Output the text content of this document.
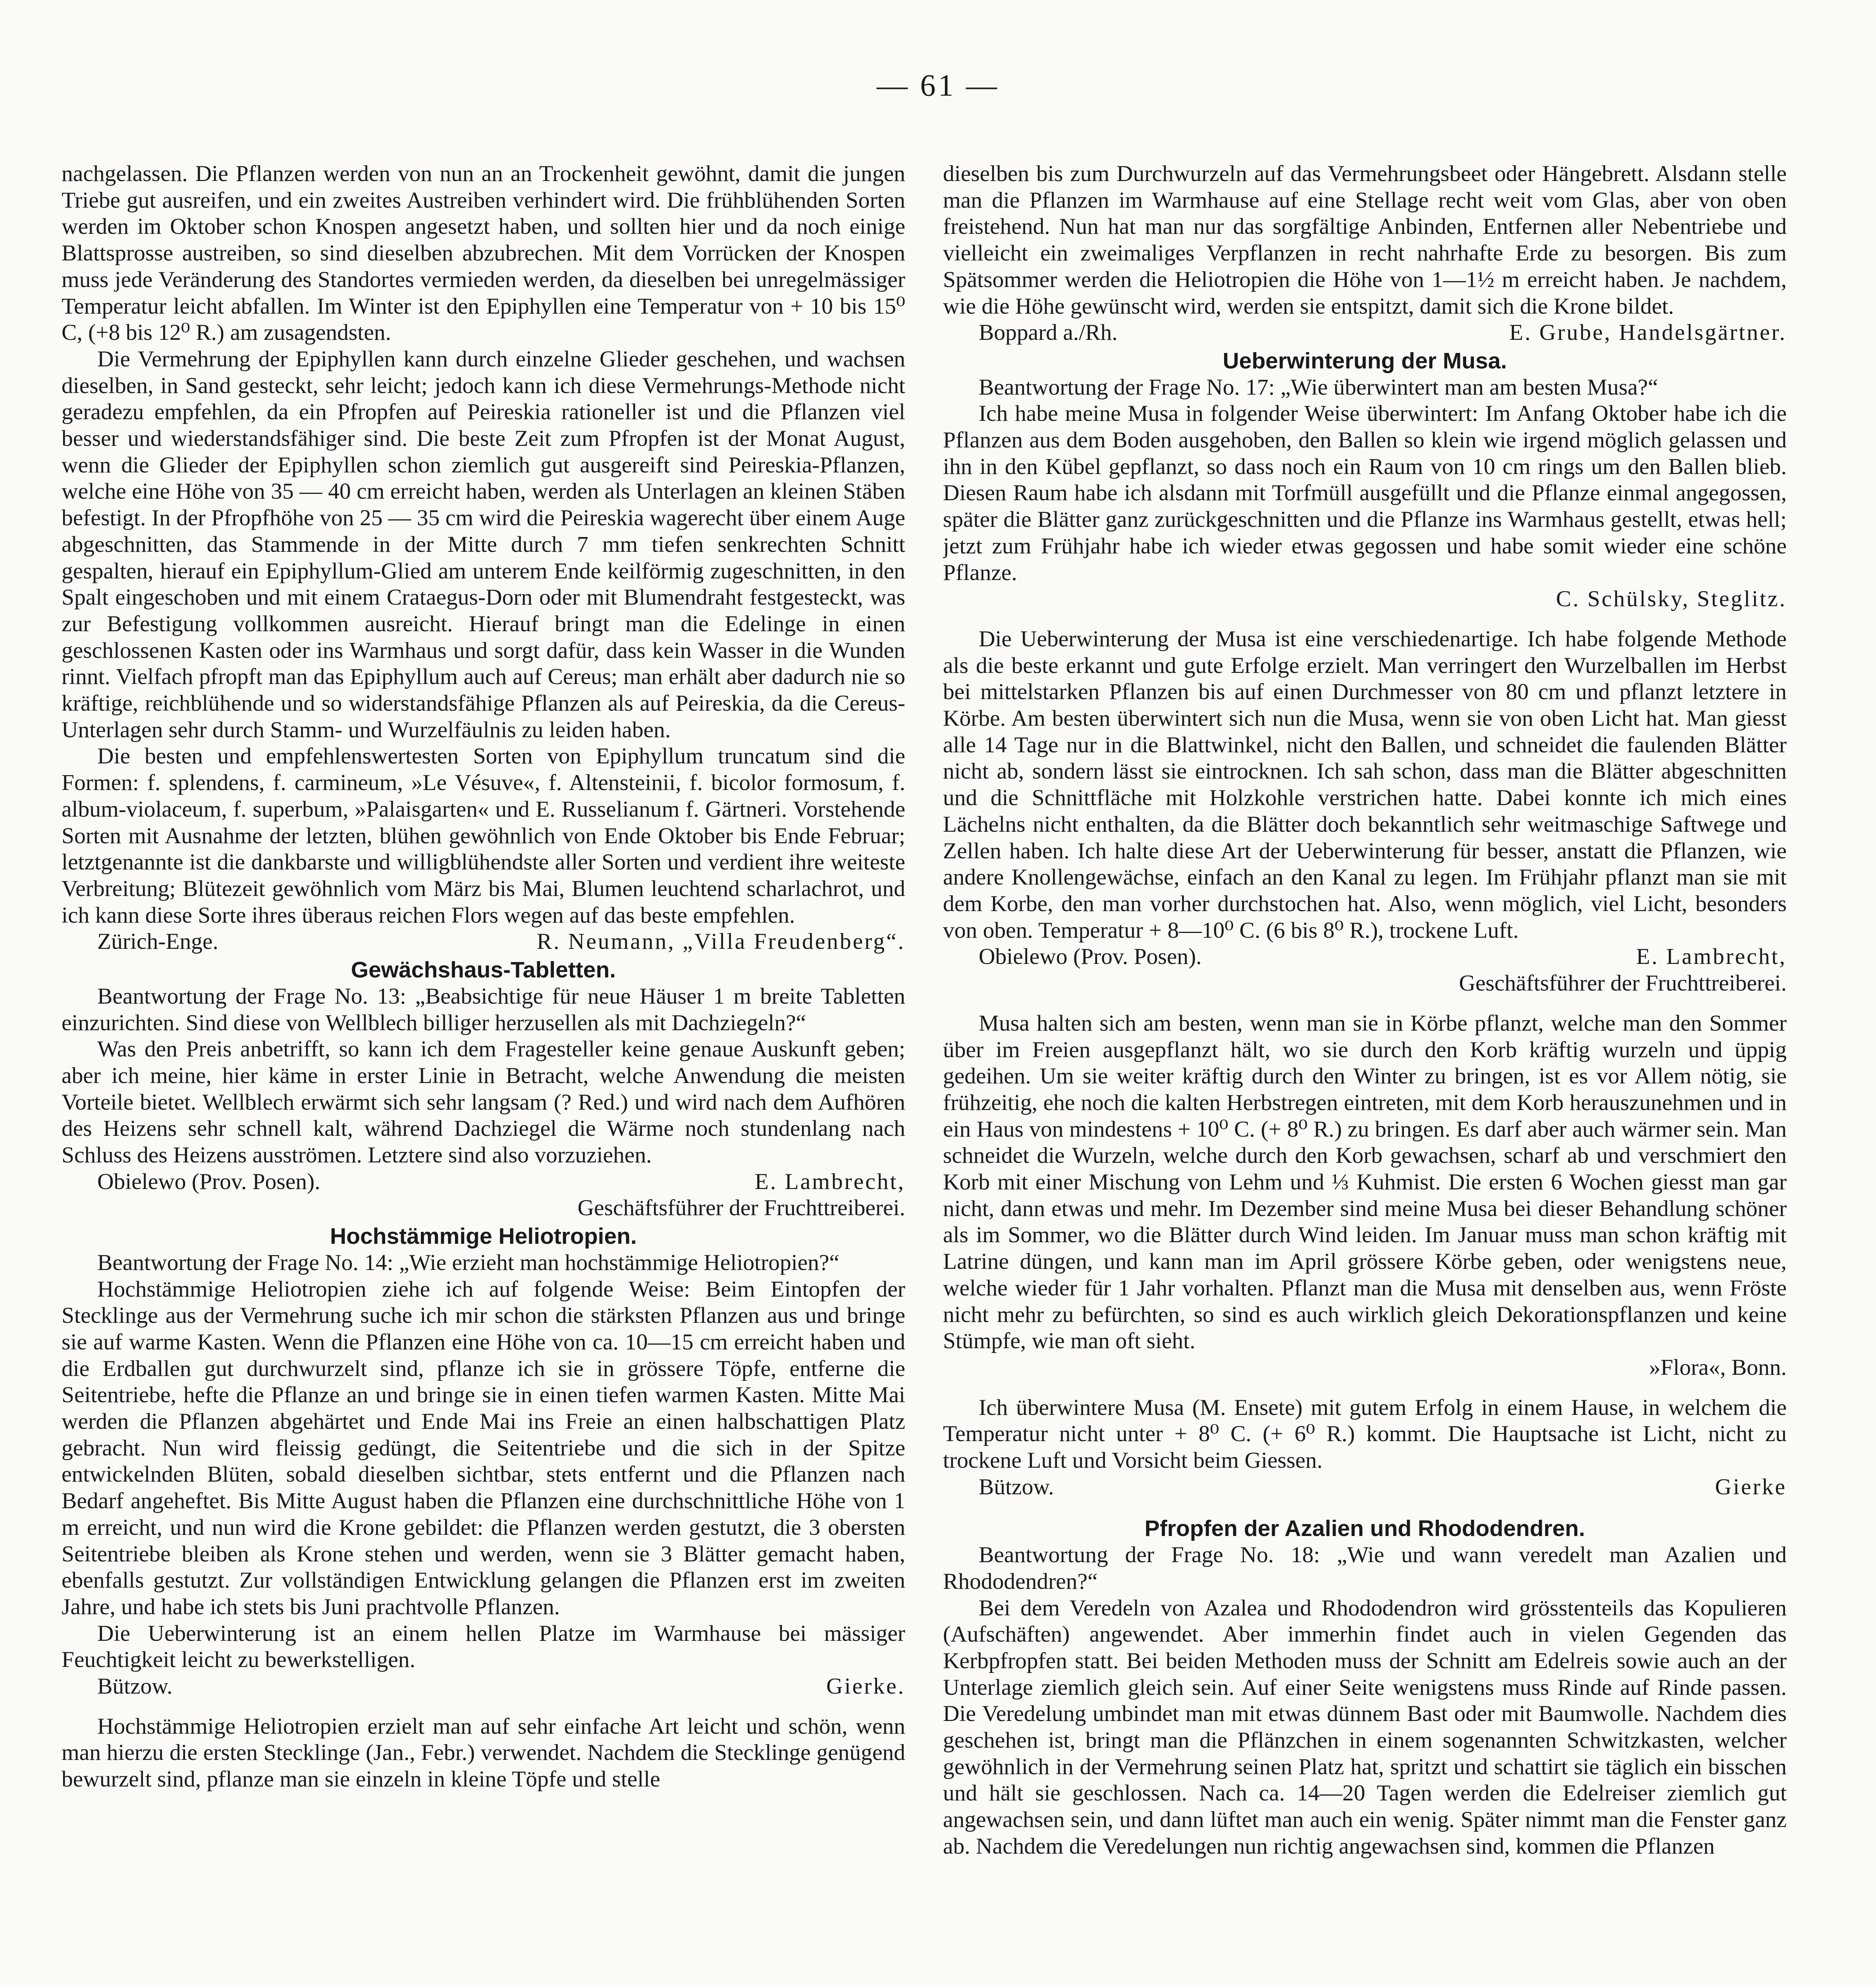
— 61 —

nachgelassen. Die Pflanzen werden von nun an an Trockenheit gewöhnt, damit die jungen Triebe gut ausreifen, und ein zweites Austreiben verhindert wird. Die frühblühenden Sorten werden im Oktober schon Knospen angesetzt haben, und sollten hier und da noch einige Blattsprosse austreiben, so sind dieselben abzubrechen. Mit dem Vorrücken der Knospen muss jede Veränderung des Standortes vermieden werden, da dieselben bei unregelmässiger Temperatur leicht abfallen. Im Winter ist den Epiphyllen eine Temperatur von + 10 bis 15⁰ C, (+8 bis 12⁰ R.) am zusagendsten.

Die Vermehrung der Epiphyllen kann durch einzelne Glieder geschehen, und wachsen dieselben, in Sand gesteckt, sehr leicht; jedoch kann ich diese Vermehrungs-Methode nicht geradezu empfehlen, da ein Pfropfen auf Peireskia rationeller ist und die Pflanzen viel besser und wiederstandsfähiger sind. Die beste Zeit zum Pfropfen ist der Monat August, wenn die Glieder der Epiphyllen schon ziemlich gut ausgereift sind Peireskia-Pflanzen, welche eine Höhe von 35 — 40 cm erreicht haben, werden als Unterlagen an kleinen Stäben befestigt. In der Pfropfhöhe von 25 — 35 cm wird die Peireskia wagerecht über einem Auge abgeschnitten, das Stammende in der Mitte durch 7 mm tiefen senkrechten Schnitt gespalten, hierauf ein Epiphyllum-Glied am unterem Ende keilförmig zugeschnitten, in den Spalt eingeschoben und mit einem Crataegus-Dorn oder mit Blumendraht festgesteckt, was zur Befestigung vollkommen ausreicht. Hierauf bringt man die Edelinge in einen geschlossenen Kasten oder ins Warmhaus und sorgt dafür, dass kein Wasser in die Wunden rinnt. Vielfach pfropft man das Epiphyllum auch auf Cereus; man erhält aber dadurch nie so kräftige, reichblühende und so widerstandsfähige Pflanzen als auf Peireskia, da die Cereus-Unterlagen sehr durch Stamm- und Wurzelfäulnis zu leiden haben.

Die besten und empfehlenswertesten Sorten von Epiphyllum truncatum sind die Formen: f. splendens, f. carmineum, »Le Vésuve«, f. Altensteinii, f. bicolor formosum, f. album-violaceum, f. superbum, »Palaisgarten« und E. Russelianum f. Gärtneri. Vorstehende Sorten mit Ausnahme der letzten, blühen gewöhnlich von Ende Oktober bis Ende Februar; letztgenannte ist die dankbarste und willigblühendste aller Sorten und verdient ihre weiteste Verbreitung; Blütezeit gewöhnlich vom März bis Mai, Blumen leuchtend scharlachrot, und ich kann diese Sorte ihres überaus reichen Flors wegen auf das beste empfehlen.

Zürich-Enge.	R. Neumann, „Villa Freudenberg“.
Gewächshaus-Tabletten.

Beantwortung der Frage No. 13: „Beabsichtige für neue Häuser 1 m breite Tabletten einzurichten. Sind diese von Wellblech billiger herzusellen als mit Dachziegeln?“

Was den Preis anbetrifft, so kann ich dem Fragesteller keine genaue Auskunft geben; aber ich meine, hier käme in erster Linie in Betracht, welche Anwendung die meisten Vorteile bietet. Wellblech erwärmt sich sehr langsam (? Red.) und wird nach dem Aufhören des Heizens sehr schnell kalt, während Dachziegel die Wärme noch stundenlang nach Schluss des Heizens ausströmen. Letztere sind also vorzuziehen.

Obielewo (Prov. Posen).	E. Lambrecht,
Geschäftsführer der Fruchttreiberei.
Hochstämmige Heliotropien.

Beantwortung der Frage No. 14: „Wie erzieht man hochstämmige Heliotropien?“

Hochstämmige Heliotropien ziehe ich auf folgende Weise: Beim Eintopfen der Stecklinge aus der Vermehrung suche ich mir schon die stärksten Pflanzen aus und bringe sie auf warme Kasten. Wenn die Pflanzen eine Höhe von ca. 10—15 cm erreicht haben und die Erdballen gut durchwurzelt sind, pflanze ich sie in grössere Töpfe, entferne die Seitentriebe, hefte die Pflanze an und bringe sie in einen tiefen warmen Kasten. Mitte Mai werden die Pflanzen abgehärtet und Ende Mai ins Freie an einen halbschattigen Platz gebracht. Nun wird fleissig gedüngt, die Seitentriebe und die sich in der Spitze entwickelnden Blüten, sobald dieselben sichtbar, stets entfernt und die Pflanzen nach Bedarf angeheftet. Bis Mitte August haben die Pflanzen eine durchschnittliche Höhe von 1 m erreicht, und nun wird die Krone gebildet: die Pflanzen werden gestutzt, die 3 obersten Seitentriebe bleiben als Krone stehen und werden, wenn sie 3 Blätter gemacht haben, ebenfalls gestutzt. Zur vollständigen Entwicklung gelangen die Pflanzen erst im zweiten Jahre, und habe ich stets bis Juni prachtvolle Pflanzen.

Die Ueberwinterung ist an einem hellen Platze im Warmhause bei mässiger Feuchtigkeit leicht zu bewerkstelligen.

Bützow.	Gierke.

Hochstämmige Heliotropien erzielt man auf sehr einfache Art leicht und schön, wenn man hierzu die ersten Stecklinge (Jan., Febr.) verwendet. Nachdem die Stecklinge genügend bewurzelt sind, pflanze man sie einzeln in kleine Töpfe und stelle

dieselben bis zum Durchwurzeln auf das Vermehrungsbeet oder Hängebrett. Alsdann stelle man die Pflanzen im Warmhause auf eine Stellage recht weit vom Glas, aber von oben freistehend. Nun hat man nur das sorgfältige Anbinden, Entfernen aller Nebentriebe und vielleicht ein zweimaliges Verpflanzen in recht nahrhafte Erde zu besorgen. Bis zum Spätsommer werden die Heliotropien die Höhe von 1—1½ m erreicht haben. Je nachdem, wie die Höhe gewünscht wird, werden sie entspitzt, damit sich die Krone bildet.

Boppard a./Rh.	E. Grube, Handelsgärtner.
Ueberwinterung der Musa.

Beantwortung der Frage No. 17: „Wie überwintert man am besten Musa?“

Ich habe meine Musa in folgender Weise überwintert: Im Anfang Oktober habe ich die Pflanzen aus dem Boden ausgehoben, den Ballen so klein wie irgend möglich gelassen und ihn in den Kübel gepflanzt, so dass noch ein Raum von 10 cm rings um den Ballen blieb. Diesen Raum habe ich alsdann mit Torfmüll ausgefüllt und die Pflanze einmal angegossen, später die Blätter ganz zurückgeschnitten und die Pflanze ins Warmhaus gestellt, etwas hell; jetzt zum Frühjahr habe ich wieder etwas gegossen und habe somit wieder eine schöne Pflanze.

C. Schülsky, Steglitz.

Die Ueberwinterung der Musa ist eine verschiedenartige. Ich habe folgende Methode als die beste erkannt und gute Erfolge erzielt. Man verringert den Wurzelballen im Herbst bei mittelstarken Pflanzen bis auf einen Durchmesser von 80 cm und pflanzt letztere in Körbe. Am besten überwintert sich nun die Musa, wenn sie von oben Licht hat. Man giesst alle 14 Tage nur in die Blattwinkel, nicht den Ballen, und schneidet die faulenden Blätter nicht ab, sondern lässt sie eintrocknen. Ich sah schon, dass man die Blätter abgeschnitten und die Schnittfläche mit Holzkohle verstrichen hatte. Dabei konnte ich mich eines Lächelns nicht enthalten, da die Blätter doch bekanntlich sehr weitmaschige Saftwege und Zellen haben. Ich halte diese Art der Ueberwinterung für besser, anstatt die Pflanzen, wie andere Knollengewächse, einfach an den Kanal zu legen. Im Frühjahr pflanzt man sie mit dem Korbe, den man vorher durchstochen hat. Also, wenn möglich, viel Licht, besonders von oben. Temperatur + 8—10⁰ C. (6 bis 8⁰ R.), trockene Luft.

Obielewo (Prov. Posen).	E. Lambrecht,
Geschäftsführer der Fruchttreiberei.

Musa halten sich am besten, wenn man sie in Körbe pflanzt, welche man den Sommer über im Freien ausgepflanzt hält, wo sie durch den Korb kräftig wurzeln und üppig gedeihen. Um sie weiter kräftig durch den Winter zu bringen, ist es vor Allem nötig, sie frühzeitig, ehe noch die kalten Herbstregen eintreten, mit dem Korb herauszunehmen und in ein Haus von mindestens + 10⁰ C. (+ 8⁰ R.) zu bringen. Es darf aber auch wärmer sein. Man schneidet die Wurzeln, welche durch den Korb gewachsen, scharf ab und verschmiert den Korb mit einer Mischung von Lehm und ⅓ Kuhmist. Die ersten 6 Wochen giesst man gar nicht, dann etwas und mehr. Im Dezember sind meine Musa bei dieser Behandlung schöner als im Sommer, wo die Blätter durch Wind leiden. Im Januar muss man schon kräftig mit Latrine düngen, und kann man im April grössere Körbe geben, oder wenigstens neue, welche wieder für 1 Jahr vorhalten. Pflanzt man die Musa mit denselben aus, wenn Fröste nicht mehr zu befürchten, so sind es auch wirklich gleich Dekorationspflanzen und keine Stümpfe, wie man oft sieht.

»Flora«, Bonn.

Ich überwintere Musa (M. Ensete) mit gutem Erfolg in einem Hause, in welchem die Temperatur nicht unter + 8⁰ C. (+ 6⁰ R.) kommt. Die Hauptsache ist Licht, nicht zu trockene Luft und Vorsicht beim Giessen.

Bützow.	Gierke
Pfropfen der Azalien und Rhododendren.

Beantwortung der Frage No. 18: „Wie und wann veredelt man Azalien und Rhododendren?“

Bei dem Veredeln von Azalea und Rhododendron wird grösstenteils das Kopulieren (Aufschäften) angewendet. Aber immerhin findet auch in vielen Gegenden das Kerbpfropfen statt. Bei beiden Methoden muss der Schnitt am Edelreis sowie auch an der Unterlage ziemlich gleich sein. Auf einer Seite wenigstens muss Rinde auf Rinde passen. Die Veredelung umbindet man mit etwas dünnem Bast oder mit Baumwolle. Nachdem dies geschehen ist, bringt man die Pflänzchen in einem sogenannten Schwitzkasten, welcher gewöhnlich in der Vermehrung seinen Platz hat, spritzt und schattirt sie täglich ein bisschen und hält sie geschlossen. Nach ca. 14—20 Tagen werden die Edelreiser ziemlich gut angewachsen sein, und dann lüftet man auch ein wenig. Später nimmt man die Fenster ganz ab. Nachdem die Veredelungen nun richtig angewachsen sind, kommen die Pflanzen
